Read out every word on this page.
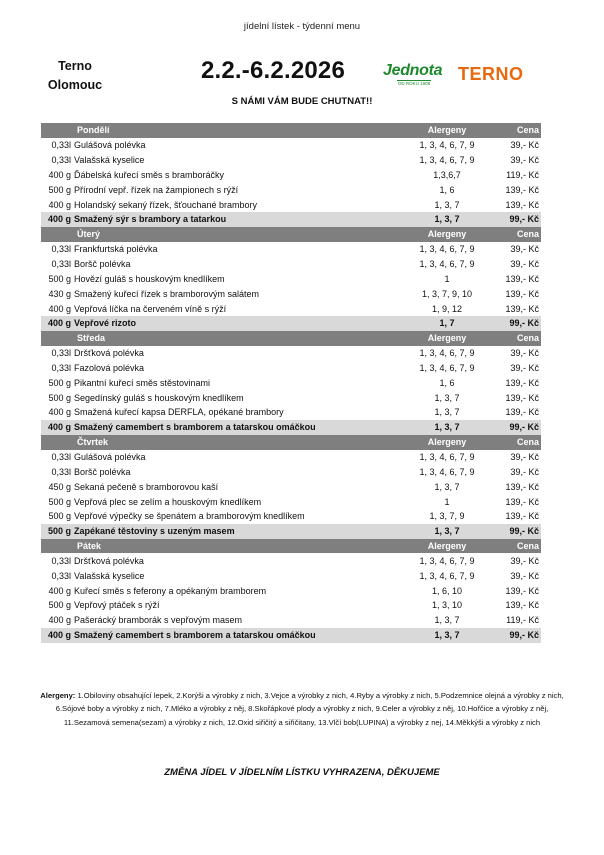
jídelní lístek - týdenní menu
Terno
Olomouc
2.2.-6.2.2026	Jednota
OD ROKU 1908 TERNO
S NÁMI VÁM BUDE CHUTNAT!!
	Pondělí	Alergeny	Cena
0,33l	Gulášová polévka	1, 3, 4, 6, 7, 9	39,- Kč
0,33l	Valašská kyselice	1, 3, 4, 6, 7, 9	39,- Kč
400 g	Ďábelská kuřecí směs s bramboráčky	1,3,6,7	119,- Kč
500 g	Přírodní vepř. řízek na žampionech s rýží	1, 6	139,- Kč
400 g	Holandský sekaný řízek, šťouchané brambory	1, 3, 7	139,- Kč
400 g	Smažený sýr s brambory a tatarkou	1, 3, 7	99,- Kč
	Úterý	Alergeny	Cena
0,33l	Frankfurtská polévka	1, 3, 4, 6, 7, 9	39,- Kč
0,33l	Boršč polévka	1, 3, 4, 6, 7, 9	39,- Kč
500 g	Hovězí guláš s houskovým knedlíkem	1	139,- Kč
430 g	Smažený kuřecí řízek s bramborovým salátem	1, 3, 7, 9, 10	139,- Kč
400 g	Vepřová líčka na červeném víně s rýží	1, 9, 12	139,- Kč
400 g	Vepřové rizoto	1, 7	99,- Kč
	Středa	Alergeny	Cena
0,33l	Dršťková polévka	1, 3, 4, 6, 7, 9	39,- Kč
0,33l	Fazolová polévka	1, 3, 4, 6, 7, 9	39,- Kč
500 g	Pikantní kuřecí směs stěstovinami	1, 6	139,- Kč
500 g	Segedínský guláš s houskovým knedlíkem	1, 3, 7	139,- Kč
400 g	Smažená kuřecí kapsa DERFLA, opékané brambory	1, 3, 7	139,- Kč
400 g	Smažený camembert s bramborem a tatarskou omáčkou	1, 3, 7	99,- Kč
	Čtvrtek	Alergeny	Cena
0,33l	Gulášová polévka	1, 3, 4, 6, 7, 9	39,- Kč
0,33l	Boršč polévka	1, 3, 4, 6, 7, 9	39,- Kč
450 g	Sekaná pečeně s bramborovou kaší	1, 3, 7	139,- Kč
500 g	Vepřová plec se zelím a houskovým knedlíkem	1	139,- Kč
500 g	Vepřové výpečky se špenátem a bramborovým knedlíkem	1, 3, 7, 9	139,- Kč
500 g	Zapékané těstoviny s uzeným masem	1, 3, 7	99,- Kč
	Pátek	Alergeny	Cena
0,33l	Dršťková polévka	1, 3, 4, 6, 7, 9	39,- Kč
0,33l	Valašská kyselice	1, 3, 4, 6, 7, 9	39,- Kč
400 g	Kuřecí směs s feferony a opékaným bramborem	1, 6, 10	139,- Kč
500 g	Vepřový ptáček s rýží	1, 3, 10	139,- Kč
400 g	Pašerácký bramborák s vepřovým masem	1, 3, 7	119,- Kč
400 g	Smažený camembert s bramborem a tatarskou omáčkou	1, 3, 7	99,- Kč
Alergeny: 1.Obiloviny obsahující lepek, 2.Korýši a výrobky z nich, 3.Vejce a výrobky z nich, 4.Ryby a výrobky z nich, 5.Podzemnice olejná a výrobky z nich, 6.Sójové boby a výrobky z nich, 7.Mléko a výrobky z něj, 8.Skořápkové plody a výrobky z nich, 9.Celer a výrobky z něj, 10.Hořčice a výrobky z něj, 11.Sezamová semena(sezam) a výrobky z nich, 12.Oxid siřičitý a siřičitany, 13.Vlčí bob(LUPINA) a výrobky z nej, 14.Měkkýši a výrobky z nich
ZMĚNA JÍDEL V JÍDELNÍM LÍSTKU VYHRAZENA, DĚKUJEME
